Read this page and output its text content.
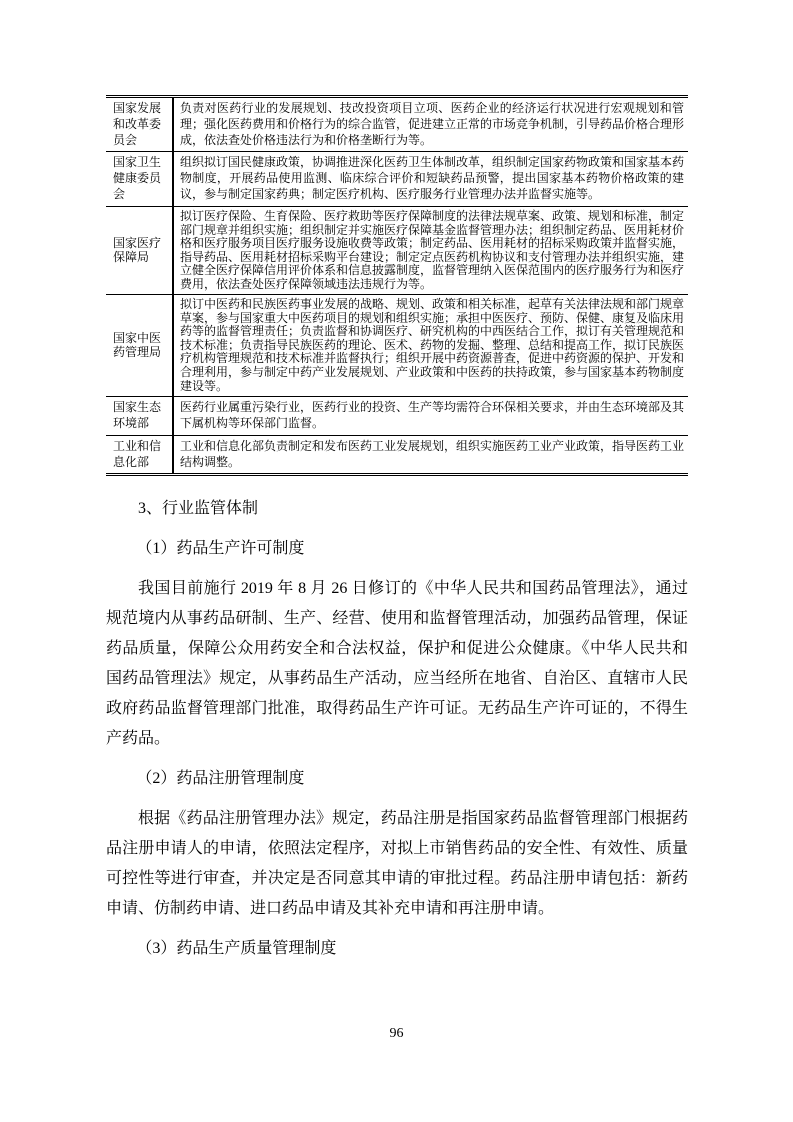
国家发展和改革委员会	负责对医药行业的发展规划、技改投资项目立项、医药企业的经济运行状况进行宏观规划和管理；强化医药费用和价格行为的综合监管，促进建立正常的市场竞争机制，引导药品价格合理形成，依法查处价格违法行为和价格垄断行为等。
国家卫生健康委员会	组织拟订国民健康政策，协调推进深化医药卫生体制改革，组织制定国家药物政策和国家基本药物制度，开展药品使用监测、临床综合评价和短缺药品预警，提出国家基本药物价格政策的建议，参与制定国家药典；制定医疗机构、医疗服务行业管理办法并监督实施等。
国家医疗保障局	拟订医疗保险、生育保险、医疗救助等医疗保障制度的法律法规草案、政策、规划和标准，制定部门规章并组织实施；组织制定并实施医疗保障基金监督管理办法；组织制定药品、医用耗材价格和医疗服务项目医疗服务设施收费等政策；制定药品、医用耗材的招标采购政策并监督实施，指导药品、医用耗材招标采购平台建设；制定定点医药机构协议和支付管理办法并组织实施，建立健全医疗保障信用评价体系和信息披露制度，监督管理纳入医保范围内的医疗服务行为和医疗费用，依法查处医疗保障领域违法违规行为等。
国家中医药管理局	拟订中医药和民族医药事业发展的战略、规划、政策和相关标准，起草有关法律法规和部门规章草案，参与国家重大中医药项目的规划和组织实施；承担中医医疗、预防、保健、康复及临床用药等的监督管理责任；负责监督和协调医疗、研究机构的中西医结合工作，拟订有关管理规范和技术标准；负责指导民族医药的理论、医术、药物的发掘、整理、总结和提高工作，拟订民族医疗机构管理规范和技术标准并监督执行；组织开展中药资源普查，促进中药资源的保护、开发和合理利用，参与制定中药产业发展规划、产业政策和中医药的扶持政策，参与国家基本药物制度建设等。
国家生态环境部	医药行业属重污染行业，医药行业的投资、生产等均需符合环保相关要求，并由生态环境部及其下属机构等环保部门监督。
工业和信息化部	工业和信息化部负责制定和发布医药工业发展规划，组织实施医药工业产业政策，指导医药工业结构调整。
3、行业监管体制
（1）药品生产许可制度

我国目前施行 2019 年 8 月 26 日修订的《中华人民共和国药品管理法》，通过规范境内从事药品研制、生产、经营、使用和监督管理活动，加强药品管理，保证药品质量，保障公众用药安全和合法权益，保护和促进公众健康。《中华人民共和国药品管理法》规定，从事药品生产活动，应当经所在地省、自治区、直辖市人民政府药品监督管理部门批准，取得药品生产许可证。无药品生产许可证的，不得生产药品。

（2）药品注册管理制度

根据《药品注册管理办法》规定，药品注册是指国家药品监督管理部门根据药品注册申请人的申请，依照法定程序，对拟上市销售药品的安全性、有效性、质量可控性等进行审查，并决定是否同意其申请的审批过程。药品注册申请包括：新药申请、仿制药申请、进口药品申请及其补充申请和再注册申请。

（3）药品生产质量管理制度
96
